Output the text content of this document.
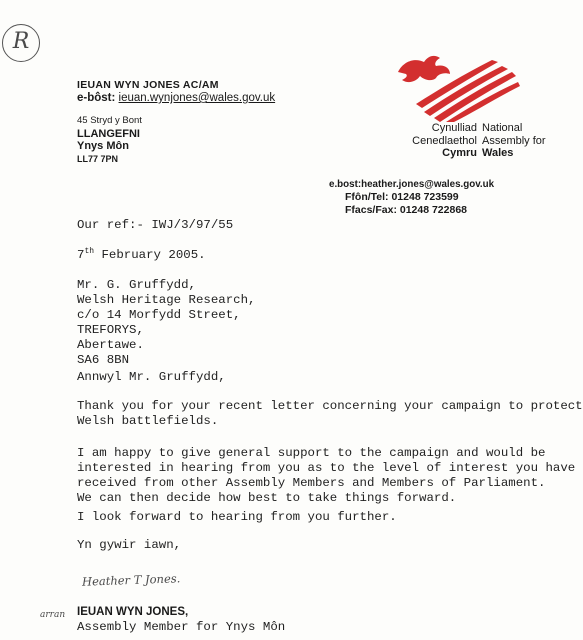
R
IEUAN WYN JONES AC/AM
e-bôst: ieuan.wynjones@wales.gov.uk
45 Stryd y Bont
LLANGEFNI
Ynys Môn
LL77 7PN
Cynulliad
Cenedlaethol
Cymru
National
Assembly for
Wales
e.bost:heather.jones@wales.gov.uk
Ffôn/Tel: 01248 723599
Ffacs/Fax: 01248 722868
Our ref:- IWJ/3/97/55
7th February 2005.
Mr. G. Gruffydd,
Welsh Heritage Research,
c/o 14 Morfydd Street,
TREFORYS,
Abertawe.
SA6 8BN
Annwyl Mr. Gruffydd,
Thank you for your recent letter concerning your campaign to protect
Welsh battlefields.
I am happy to give general support to the campaign and would be
interested in hearing from you as to the level of interest you have
received from other Assembly Members and Members of Parliament.
We can then decide how best to take things forward.
I look forward to hearing from you further.
Yn gywir iawn,
Heather T Jones.
arran IEUAN WYN JONES,
Assembly Member for Ynys Môn
